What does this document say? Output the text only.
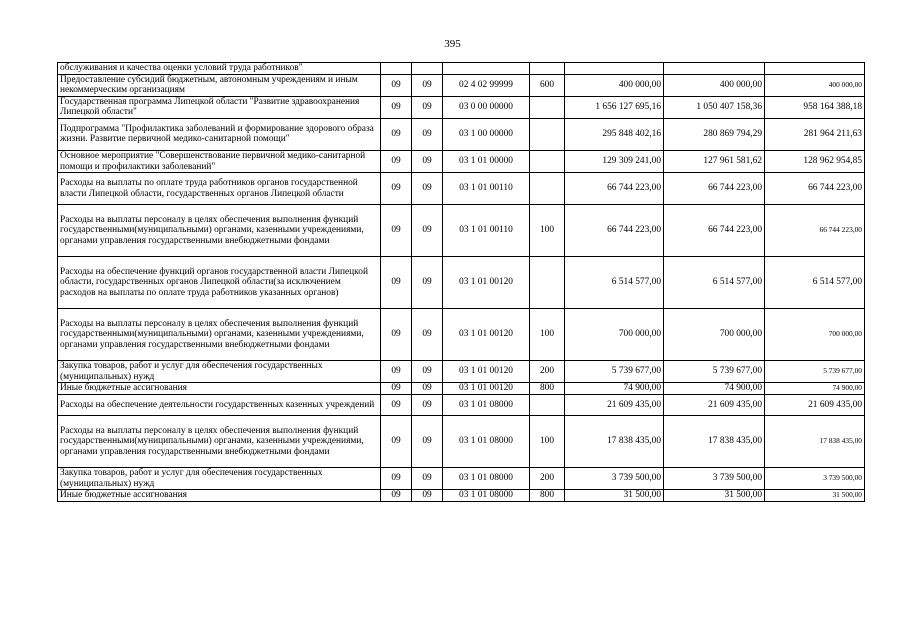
395
обслуживания и качества оценки условий труда работников"							
Предоставление субсидий бюджетным, автономным учреждениям и иным некоммерческим организациям	09	09	02 4 02 99999	600	400 000,00	400 000,00	400 000,00
Государственная программа Липецкой области "Развитие здравоохранения Липецкой области"	09	09	03 0 00 00000		1 656 127 695,16	1 050 407 158,36	958 164 388,18
Подпрограмма "Профилактика заболеваний и формирование здорового образа жизни. Развитие первичной медико-санитарной помощи"	09	09	03 1 00 00000		295 848 402,16	280 869 794,29	281 964 211,63
Основное мероприятие "Совершенствование первичной медико-санитарной помощи и профилактики заболеваний"	09	09	03 1 01 00000		129 309 241,00	127 961 581,62	128 962 954,85
Расходы на выплаты по оплате труда работников органов государственной власти Липецкой области, государственных органов Липецкой области	09	09	03 1 01 00110		66 744 223,00	66 744 223,00	66 744 223,00
Расходы на выплаты персоналу в целях обеспечения выполнения функций государственными(муниципальными) органами, казенными учреждениями, органами управления государственными внебюджетными фондами	09	09	03 1 01 00110	100	66 744 223,00	66 744 223,00	66 744 223,00
Расходы на обеспечение функций органов государственной власти Липецкой области, государственных органов Липецкой области(за исключением расходов на выплаты по оплате труда работников указанных органов)	09	09	03 1 01 00120		6 514 577,00	6 514 577,00	6 514 577,00
Расходы на выплаты персоналу в целях обеспечения выполнения функций государственными(муниципальными) органами, казенными учреждениями, органами управления государственными внебюджетными фондами	09	09	03 1 01 00120	100	700 000,00	700 000,00	700 000,00
Закупка товаров, работ и услуг для обеспечения государственных (муниципальных) нужд	09	09	03 1 01 00120	200	5 739 677,00	5 739 677,00	5 739 677,00
Иные бюджетные ассигнования	09	09	03 1 01 00120	800	74 900,00	74 900,00	74 900,00
Расходы на обеспечение деятельности государственных казенных учреждений	09	09	03 1 01 08000		21 609 435,00	21 609 435,00	21 609 435,00
Расходы на выплаты персоналу в целях обеспечения выполнения функций государственными(муниципальными) органами, казенными учреждениями, органами управления государственными внебюджетными фондами	09	09	03 1 01 08000	100	17 838 435,00	17 838 435,00	17 838 435,00
Закупка товаров, работ и услуг для обеспечения государственных (муниципальных) нужд	09	09	03 1 01 08000	200	3 739 500,00	3 739 500,00	3 739 500,00
Иные бюджетные ассигнования	09	09	03 1 01 08000	800	31 500,00	31 500,00	31 500,00
